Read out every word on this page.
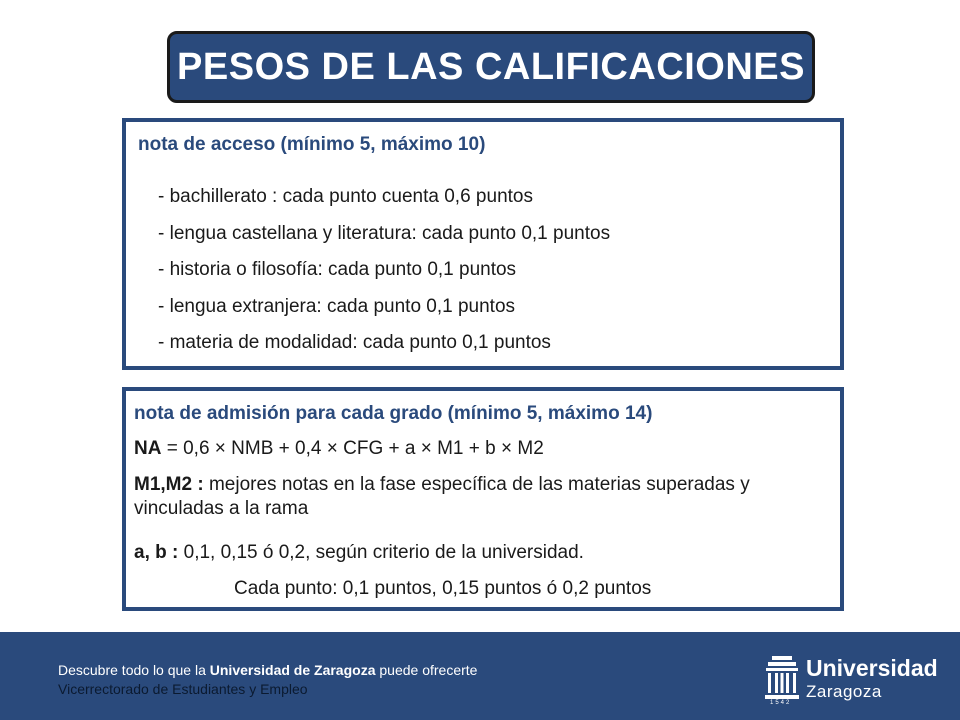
PESOS DE LAS CALIFICACIONES
nota de acceso (mínimo 5, máximo 10)
- bachillerato : cada punto cuenta 0,6 puntos
- lengua castellana y literatura: cada punto 0,1 puntos
- historia o filosofía: cada punto 0,1 puntos
- lengua extranjera: cada punto 0,1 puntos
- materia de modalidad: cada punto 0,1 puntos
nota de admisión para cada grado (mínimo 5, máximo 14)
NA = 0,6 × NMB + 0,4 × CFG + a × M1 + b × M2
M1,M2 : mejores notas en la fase específica de las materias superadas y vinculadas a la rama
a, b : 0,1, 0,15 ó 0,2, según criterio de la universidad.
Cada punto: 0,1 puntos, 0,15 puntos ó 0,2 puntos
Descubre todo lo que la Universidad de Zaragoza puede ofrecerte
Vicerrectorado de Estudiantes y Empleo
Universidad
Zaragoza
1542
